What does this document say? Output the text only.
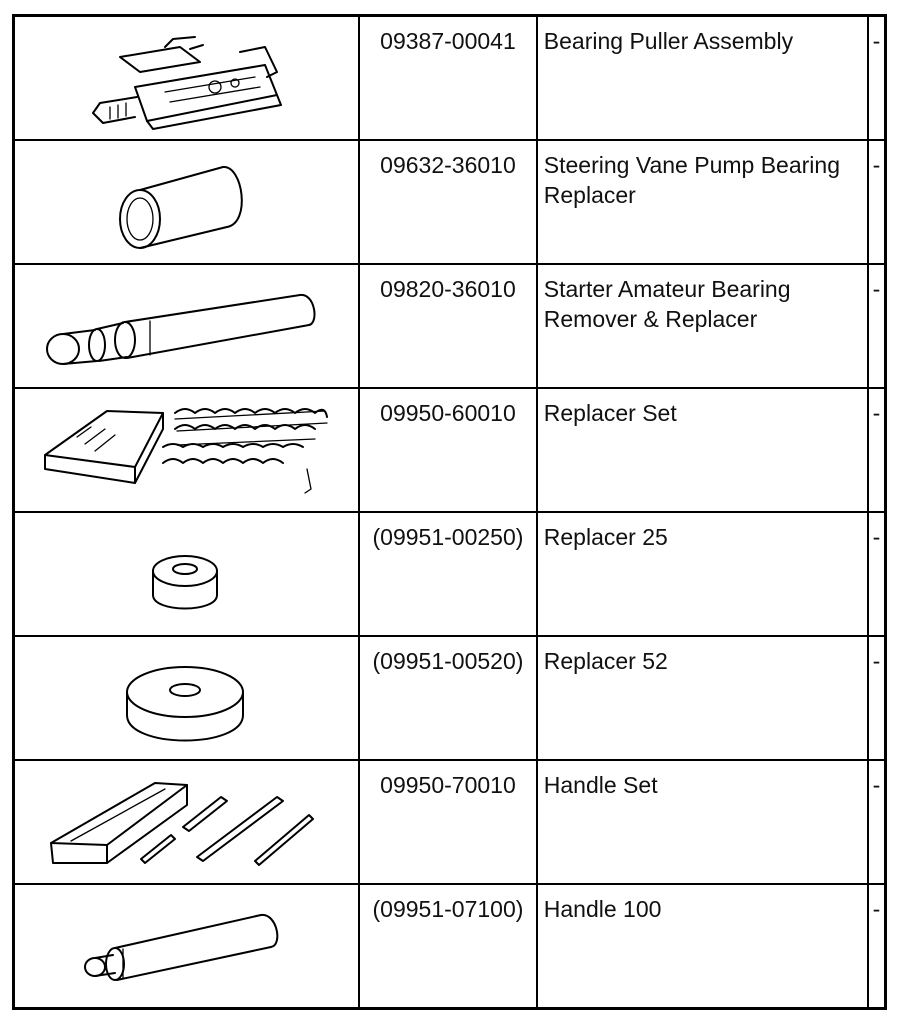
09387-00041	Bearing Puller Assembly	-

09632-36010	Steering Vane Pump Bearing Replacer	-

09820-36010	Starter Amateur Bearing Remover & Replacer	-

09950-60010	Replacer Set	-

(09951-00250)	Replacer 25	-

(09951-00520)	Replacer 52	-

09950-70010	Handle Set	-

(09951-07100)	Handle 100	-
